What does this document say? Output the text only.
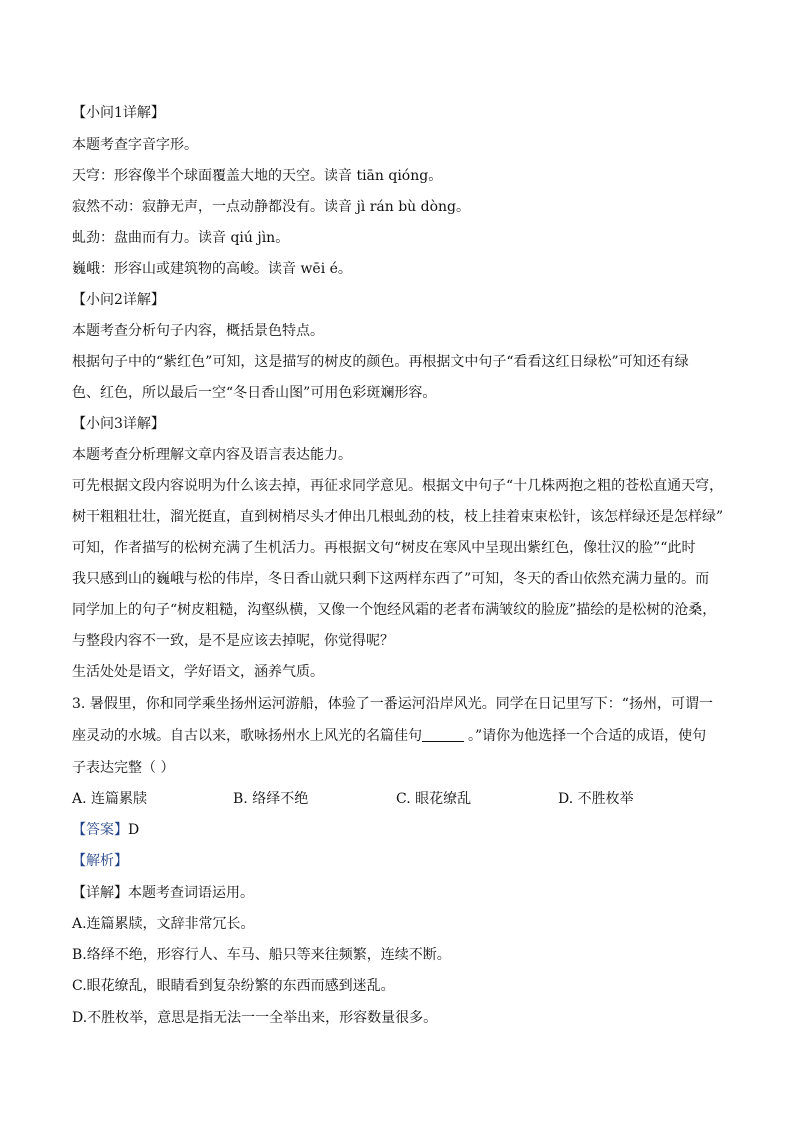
【小问1详解】
本题考查字音字形。
天穹：形容像半个球面覆盖大地的天空。读音 tiān qióng。
寂然不动：寂静无声，一点动静都没有。读音 jì rán bù dòng。
虬劲：盘曲而有力。读音 qiú jìn。
巍峨：形容山或建筑物的高峻。读音 wēi é。
【小问2详解】
本题考查分析句子内容，概括景色特点。
根据句子中的“紫红色”可知，这是描写的树皮的颜色。再根据文中句子“看看这红日绿松”可知还有绿
色、红色，所以最后一空“冬日香山图”可用色彩斑斓形容。
【小问3详解】
本题考查分析理解文章内容及语言表达能力。
可先根据文段内容说明为什么该去掉，再征求同学意见。根据文中句子“十几株两抱之粗的苍松直通天穹，
树干粗粗壮壮，溜光挺直，直到树梢尽头才伸出几根虬劲的枝，枝上挂着束束松针，该怎样绿还是怎样绿”
可知，作者描写的松树充满了生机活力。再根据文句“树皮在寒风中呈现出紫红色，像壮汉的脸”“此时
我只感到山的巍峨与松的伟岸，冬日香山就只剩下这两样东西了”可知，冬天的香山依然充满力量的。而
同学加上的句子“树皮粗糙，沟壑纵横，又像一个饱经风霜的老者布满皱纹的脸庞”描绘的是松树的沧桑，
与整段内容不一致，是不是应该去掉呢，你觉得呢？
生活处处是语文，学好语文，涵养气质。
3. 暑假里，你和同学乘坐扬州运河游船，体验了一番运河沿岸风光。同学在日记里写下：“扬州，可谓一
座灵动的水城。自古以来，歌咏扬州水上风光的名篇佳句	。”请你为他选择一个合适的成语，使句
子表达完整（ ）
A. 连篇累牍	B. 络绎不绝	C. 眼花缭乱	D. 不胜枚举
【答案】D
【解析】
【详解】本题考查词语运用。
A.连篇累牍，文辞非常冗长。
B.络绎不绝，形容行人、车马、船只等来往频繁，连续不断。
C.眼花缭乱，眼睛看到复杂纷繁的东西而感到迷乱。
D.不胜枚举，意思是指无法一一全举出来，形容数量很多。
